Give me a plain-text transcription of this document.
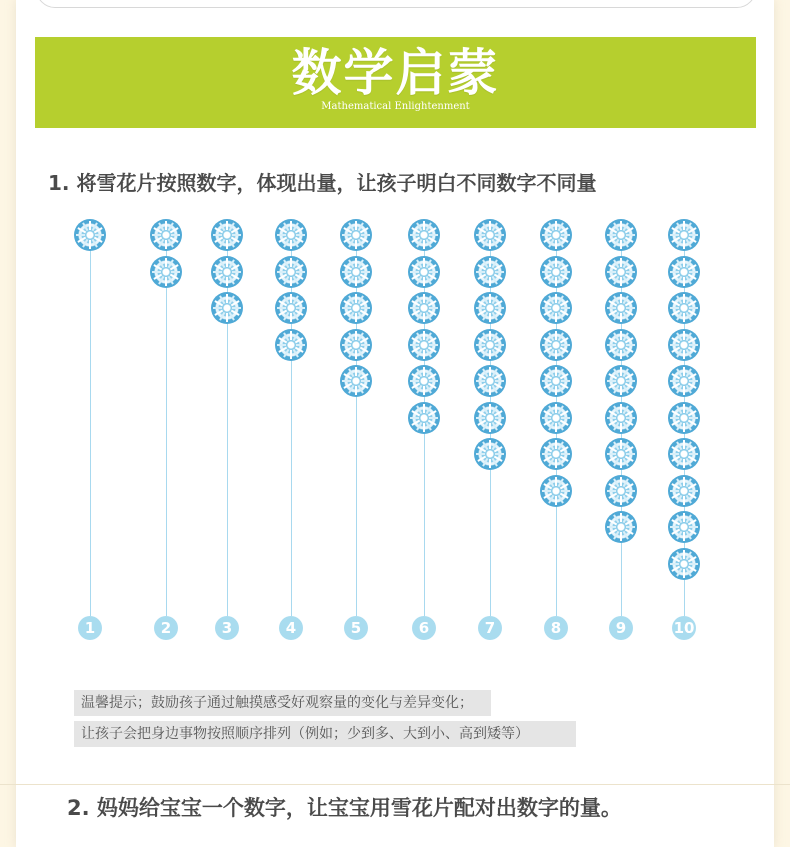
数学启蒙
Mathematical Enlightenment
1. 将雪花片按照数字，体现出量，让孩子明白不同数字不同量
1	2	3	4	5	6	7	8	9	10
温馨提示；鼓励孩子通过触摸感受好观察量的变化与差异变化；
让孩子会把身边事物按照顺序排列（例如；少到多、大到小、高到矮等）
2. 妈妈给宝宝一个数字，让宝宝用雪花片配对出数字的量。
